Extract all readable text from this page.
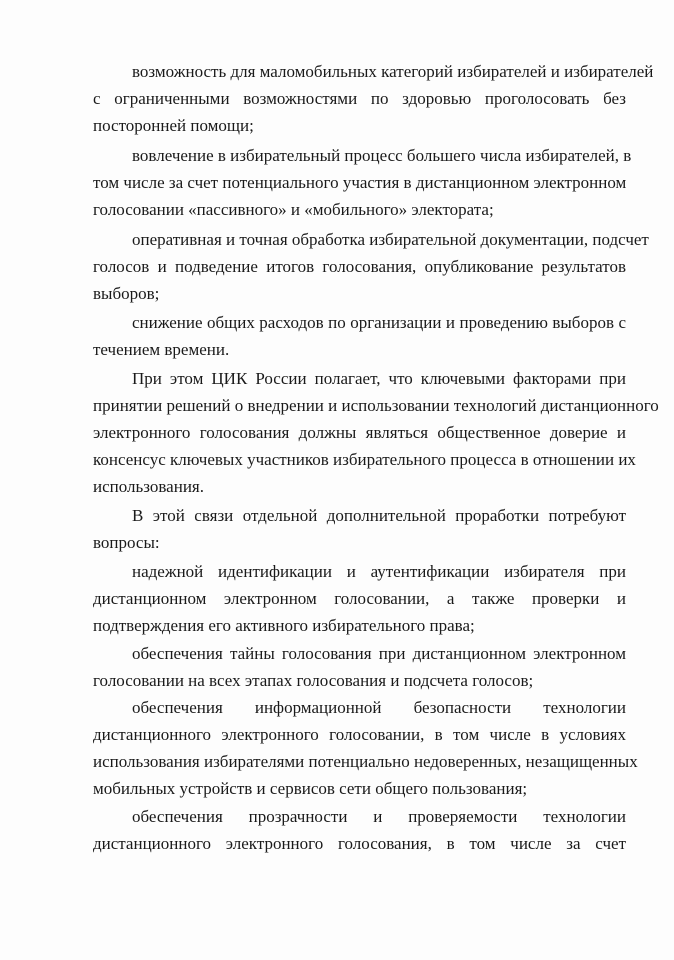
возможность для маломобильных категорий избирателей и избирателей
с ограниченными возможностями по здоровью проголосовать без
посторонней помощи;
вовлечение в избирательный процесс большего числа избирателей, в
том числе за счет потенциального участия в дистанционном электронном
голосовании «пассивного» и «мобильного» электората;
оперативная и точная обработка избирательной документации, подсчет
голосов и подведение итогов голосования, опубликование результатов
выборов;
снижение общих расходов по организации и проведению выборов с
течением времени.
При этом ЦИК России полагает, что ключевыми факторами при
принятии решений о внедрении и использовании технологий дистанционного
электронного голосования должны являться общественное доверие и
консенсус ключевых участников избирательного процесса в отношении их
использования.
В этой связи отдельной дополнительной проработки потребуют
вопросы:
надежной идентификации и аутентификации избирателя при
дистанционном электронном голосовании, а также проверки и
подтверждения его активного избирательного права;
обеспечения тайны голосования при дистанционном электронном
голосовании на всех этапах голосования и подсчета голосов;
обеспечения информационной безопасности технологии
дистанционного электронного голосовании, в том числе в условиях
использования избирателями потенциально недоверенных, незащищенных
мобильных устройств и сервисов сети общего пользования;
обеспечения прозрачности и проверяемости технологии
дистанционного электронного голосования, в том числе за счет
